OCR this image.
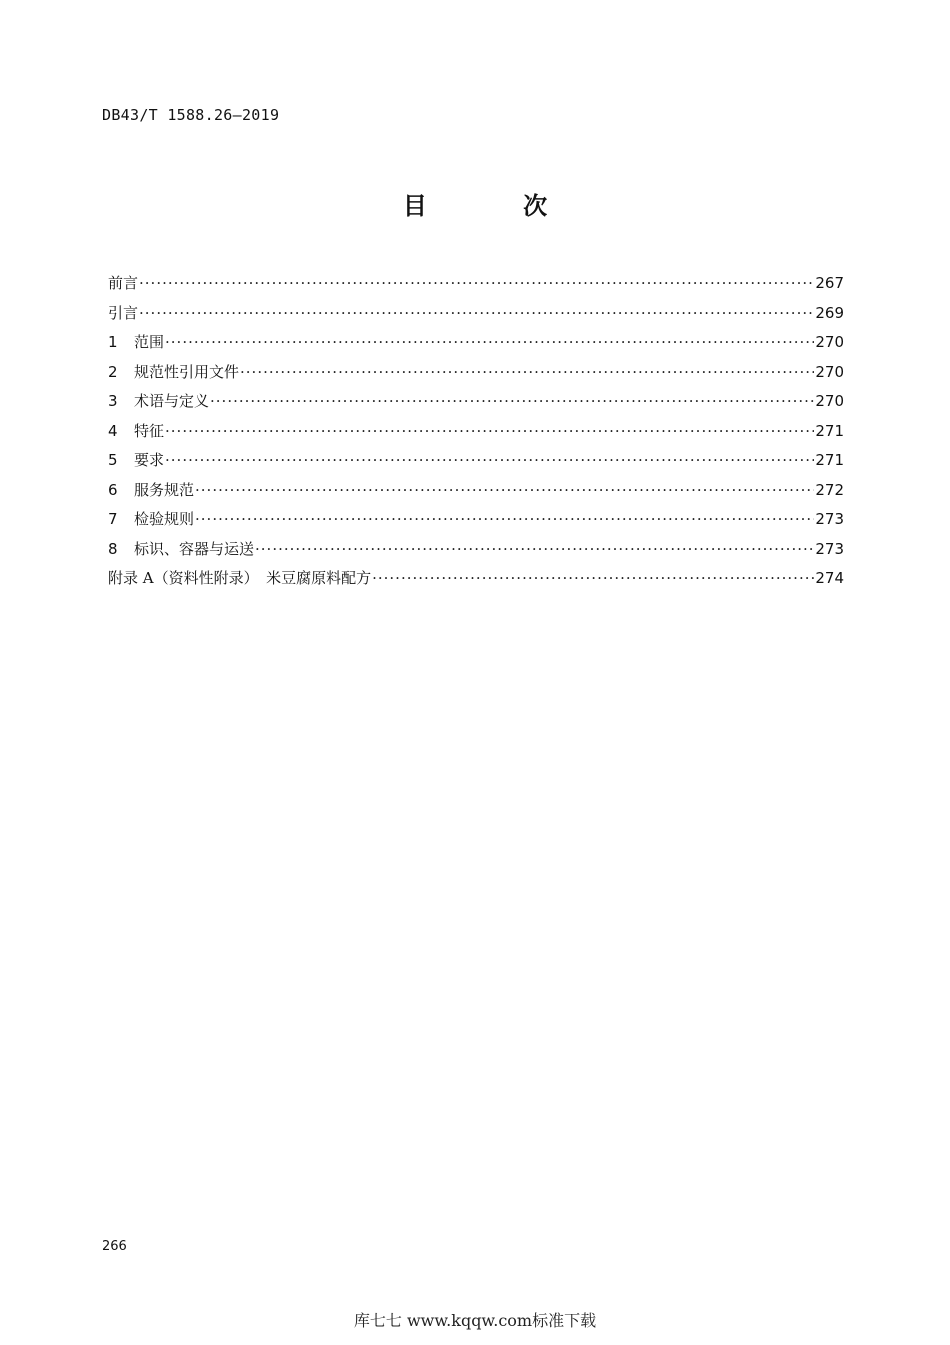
DB43/T 1588.26—2019
目 次
前言 ·····	267
引言 ·····	269
1	范围 ·····	270
2	规范性引用文件 ·····	270
3	术语与定义 ·····	270
4	特征 ·····	271
5	要求 ·····	271
6	服务规范 ·····	272
7	检验规则 ·····	273
8	标识、容器与运送 ·····	273
附录 A（资料性附录）　米豆腐原料配方 ·····	274
266
库七七 www.kqqw.com标准下载
